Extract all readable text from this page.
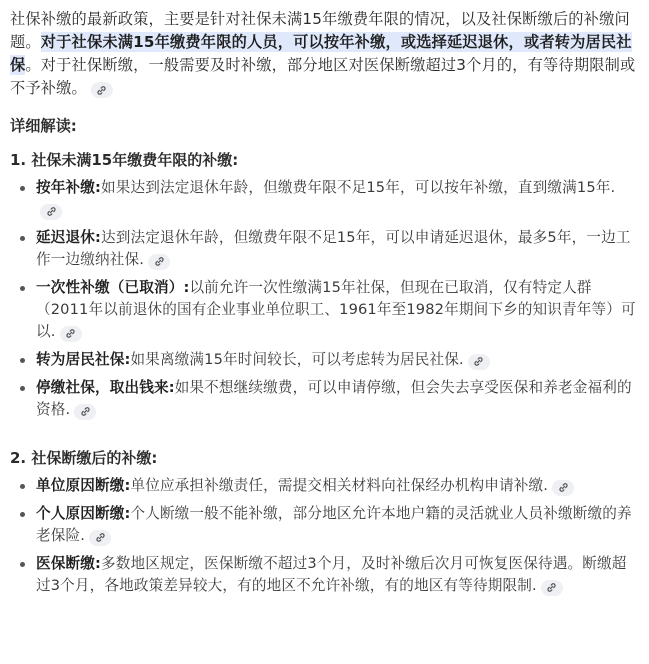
社保补缴的最新政策，主要是针对社保未满15年缴费年限的情况，以及社保断缴后的补缴问题。对于社保未满15年缴费年限的人员，可以按年补缴，或选择延迟退休，或者转为居民社保。对于社保断缴，一般需要及时补缴，部分地区对医保断缴超过3个月的，有等待期限制或不予补缴。

详细解读:
1. 社保未满15年缴费年限的补缴:
按年补缴:如果达到法定退休年龄，但缴费年限不足15年，可以按年补缴，直到缴满15年.
延迟退休:达到法定退休年龄，但缴费年限不足15年，可以申请延迟退休，最多5年，一边工作一边缴纳社保.
一次性补缴（已取消）:以前允许一次性缴满15年社保，但现在已取消，仅有特定人群（2011年以前退休的国有企业事业单位职工、1961年至1982年期间下乡的知识青年等）可以.
转为居民社保:如果离缴满15年时间较长，可以考虑转为居民社保.
停缴社保，取出钱来:如果不想继续缴费，可以申请停缴，但会失去享受医保和养老金福利的资格.
2. 社保断缴后的补缴:
单位原因断缴:单位应承担补缴责任，需提交相关材料向社保经办机构申请补缴.
个人原因断缴:个人断缴一般不能补缴，部分地区允许本地户籍的灵活就业人员补缴断缴的养老保险.
医保断缴:多数地区规定，医保断缴不超过3个月，及时补缴后次月可恢复医保待遇。断缴超过3个月，各地政策差异较大，有的地区不允许补缴，有的地区有等待期限制.
